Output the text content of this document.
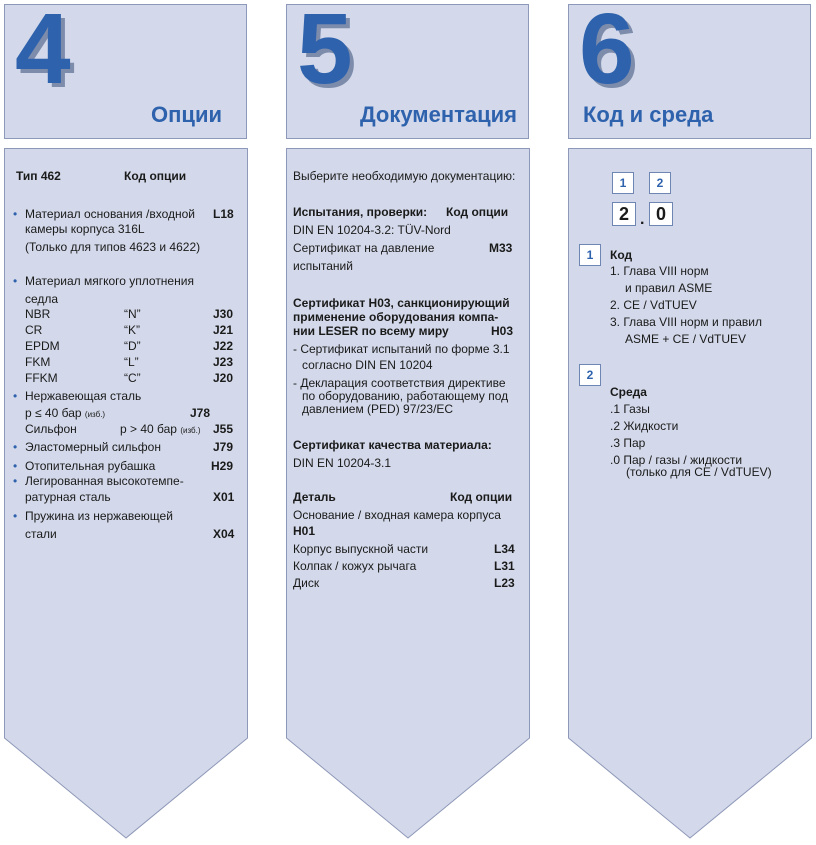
4
Опции
5
Документация
6
Код и среда
Тип 462	Код опции
• Материал основания /входной L18
камеры корпуса 316L
(Только для типов 4623 и 4622)
• Материал мягкого уплотнения
седла
NBR	“N”	J30
CR	“K”	J21
EPDM	“D”	J22
FKM	“L”	J23
FFKM	“C”	J20
• Нержавеющая сталь
p ≤ 40 бар (изб.)	J78
Сильфон	p > 40 бар (изб.) J55
• Эластомерный сильфон	J79
• Отопительная рубашка	H29
• Легированная высокотемпе-
ратурная сталь	X01
• Пружина из нержавеющей
стали	X04
Выберите необходимую документацию:
Испытания, проверки: Код опции
DIN EN 10204-3.2: TÜV-Nord
Сертификат на давление	M33
испытаний
Сертификат H03, санкционирующий
применение оборудования компа-
нии LESER по всему миру	H03
- Сертификат испытаний по форме 3.1
согласно DIN EN 10204
- Декларация соответствия директиве
по оборудованию, работающему под
давлением (PED) 97/23/EC
Сертификат качества материала:
DIN EN 10204-3.1
Деталь	Код опции
Основание / входная камера корпуса
H01
Корпус выпускной части	L34
Колпак / кожух рычага	L31
Диск	L23
1	2
2 . 0
1	Код
1. Глава VIII норм
и правил ASME
2. CE / VdTUEV
3. Глава VIII норм и правил
ASME + CE / VdTUEV
2
Среда
.1 Газы
.2 Жидкости
.3 Пар
.0 Пар / газы / жидкости
(только для CE / VdTUEV)
